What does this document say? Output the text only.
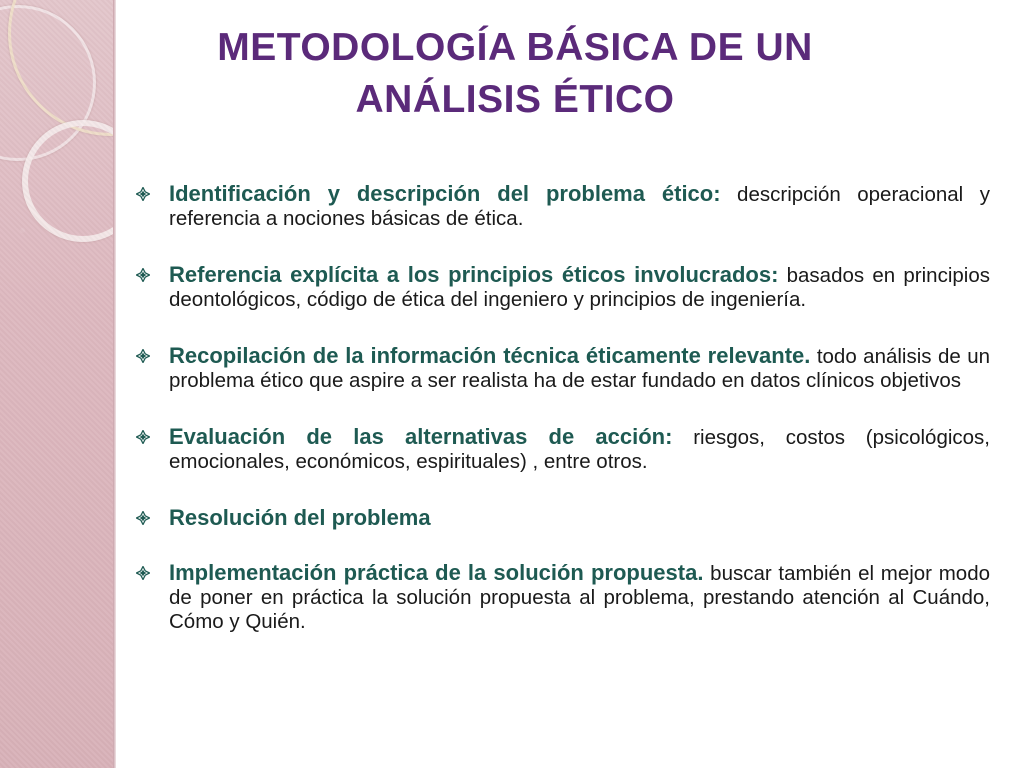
METODOLOGÍA BÁSICA DE UN
ANÁLISIS ÉTICO
Identificación y descripción del problema ético: descripción operacional y referencia a nociones básicas de ética.
Referencia explícita a los principios éticos involucrados: basados en principios deontológicos, código de ética del ingeniero y principios de ingeniería.
Recopilación de la información técnica éticamente relevante. todo análisis de un problema ético que aspire a ser realista ha de estar fundado en datos clínicos objetivos
Evaluación de las alternativas de acción: riesgos, costos (psicológicos, emocionales, económicos, espirituales) , entre otros.
Resolución del problema
Implementación práctica de la solución propuesta. buscar también el mejor modo de poner en práctica la solución propuesta al problema, prestando atención al Cuándo, Cómo y Quién.
